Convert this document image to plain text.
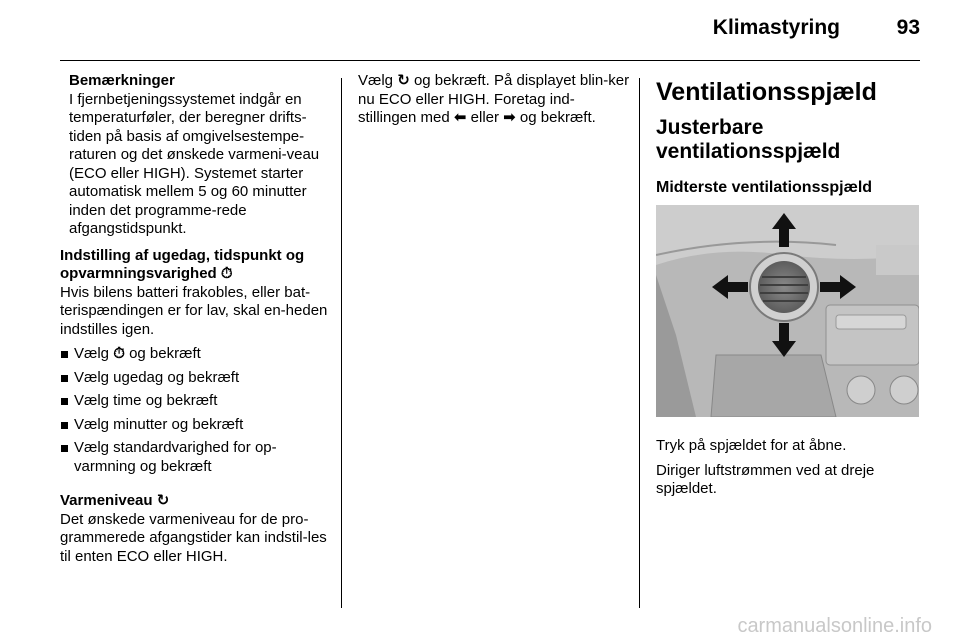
Klimastyring	93
Bemærkninger
I fjernbetjeningssystemet indgår en temperaturføler, der beregner drifts-tiden på basis af omgivelsestempe-raturen og det ønskede varmeni-veau (ECO eller HIGH). Systemet starter automatisk mellem 5 og 60 minutter inden det programme-rede afgangstidspunkt.
Indstilling af ugedag, tidspunkt og opvarmningsvarighed ⏱

Hvis bilens batteri frakobles, eller bat-terispændingen er for lav, skal en-heden indstilles igen.

Vælg ⏱ og bekræft
Vælg ugedag og bekræft
Vælg time og bekræft
Vælg minutter og bekræft
Vælg standardvarighed for op-varmning og bekræft
Varmeniveau ↻

Det ønskede varmeniveau for de pro-grammerede afgangstider kan indstil-les til enten ECO eller HIGH.

Vælg ↻ og bekræft. På displayet blin-ker nu ECO eller HIGH. Foretag ind-stillingen med ⬅ eller ➡ og bekræft.

Ventilationsspjæld
Justerbare ventilationsspjæld
Midterste ventilationsspjæld

Tryk på spjældet for at åbne.

Diriger luftstrømmen ved at dreje spjældet.

carmanualsonline.info
